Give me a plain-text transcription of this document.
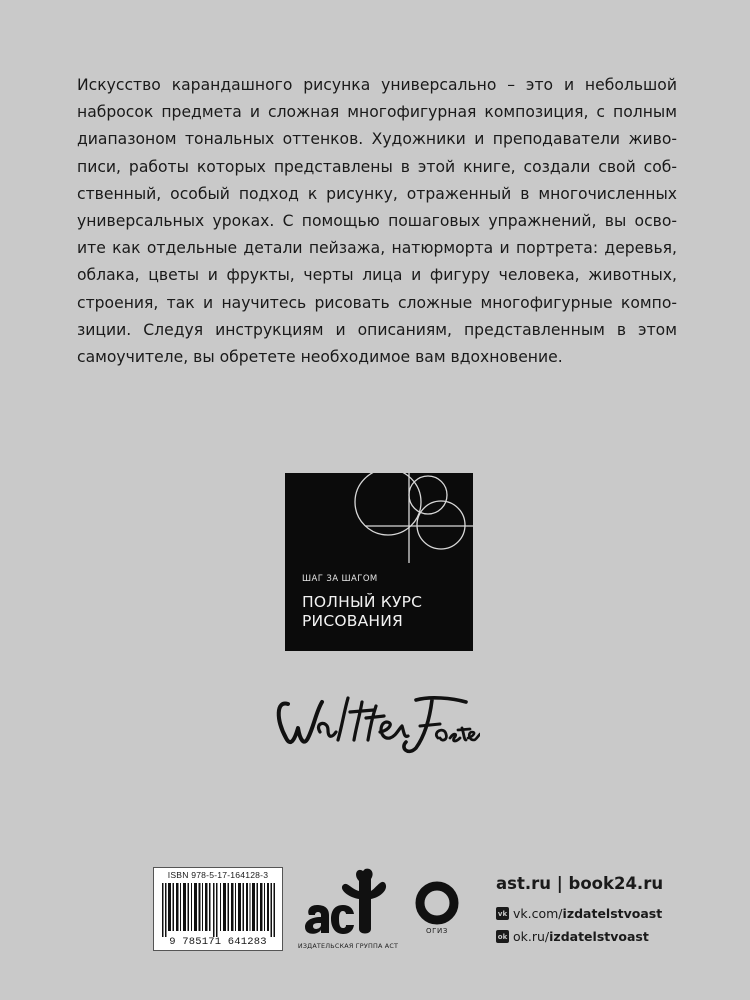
Искусство карандашного рисунка универсально – это и небольшой
набросок предмета и сложная многофигурная композиция, с полным
диапазоном тональных оттенков. Художники и преподаватели живо-
писи, работы которых представлены в этой книге, создали свой соб-
ственный, особый подход к рисунку, отраженный в многочисленных
универсальных уроках. С помощью пошаговых упражнений, вы осво-
ите как отдельные детали пейзажа, натюрморта и портрета: деревья,
облака, цветы и фрукты, черты лица и фигуру человека, животных,
строения, так и научитесь рисовать сложные многофигурные компо-
зиции. Следуя инструкциям и описаниям, представленным в этом
самоучителе, вы обретете необходимое вам вдохновение.
ШАГ ЗА ШАГОМ
ПОЛНЫЙ КУРС
РИСОВАНИЯ
ISBN 978-5-17-164128-3
9 785171 641283	ИЗДАТЕЛЬСКАЯ ГРУППА АСТ
ОГИЗ
ast.ru | book24.ru
vk vk.com/ izdatelstvoast
ok ok.ru/ izdatelstvoast
